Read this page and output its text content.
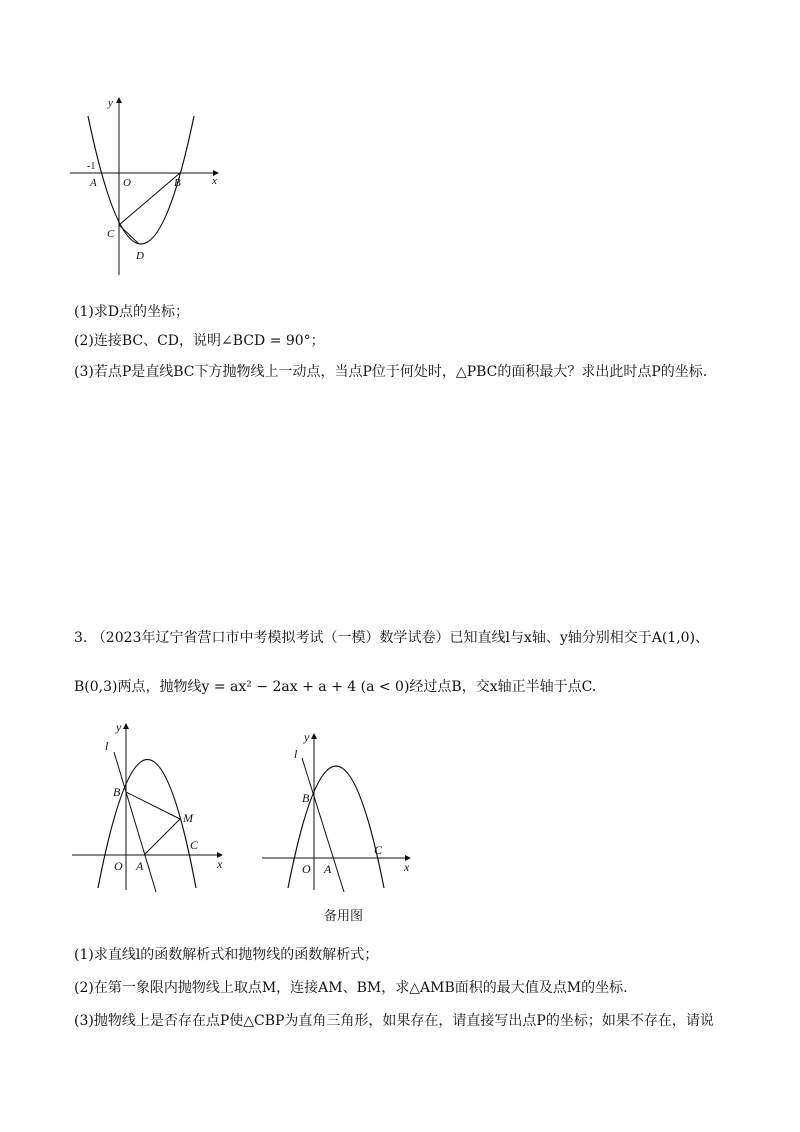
y
x
-1
A O	B
C
D
(1)求D点的坐标；
(2)连接BC、CD，说明∠BCD = 90°；
(3)若点P是直线BC下方抛物线上一动点，当点P位于何处时，△PBC的面积最大？求出此时点P的坐标.
3. （2023年辽宁省营口市中考模拟考试（一模）数学试卷）已知直线l与x轴、y轴分别相交于A(1,0)、
B(0,3)两点，抛物线y = ax² − 2ax + a + 4 (a < 0)经过点B，交x轴正半轴于点C.
y
l
B
M
C
O A	x
y
l
B
C
O A	x
备用图
(1)求直线l的函数解析式和抛物线的函数解析式；
(2)在第一象限内抛物线上取点M，连接AM、BM，求△AMB面积的最大值及点M的坐标.
(3)抛物线上是否存在点P使△CBP为直角三角形，如果存在，请直接写出点P的坐标；如果不存在，请说
